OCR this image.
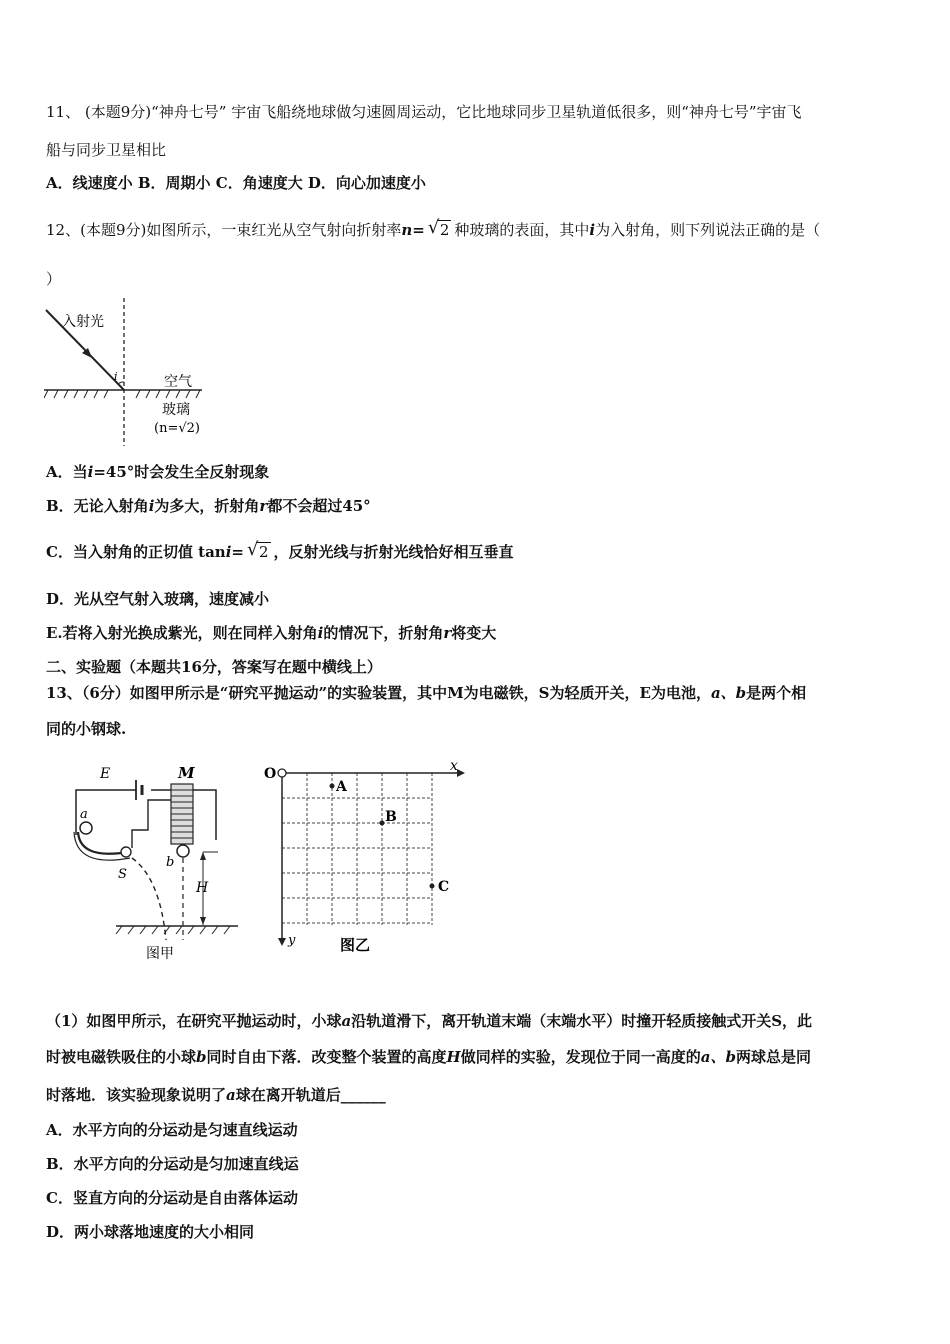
11、 (本题9分)“神舟七号” 宇宙飞船绕地球做匀速圆周运动，它比地球同步卫星轨道低很多，则“神舟七号”宇宙飞
船与同步卫星相比
A．线速度小 B．周期小 C．角速度大 D．向心加速度小
12、(本题9分)如图所示，一束红光从空气射向折射率n= √ 2 种玻璃的表面，其中i为入射角，则下列说法正确的是（
）
入射光
i	空气
玻璃
(n=√2)
A．当i=45°时会发生全反射现象
B．无论入射角i为多大，折射角r都不会超过45°
C．当入射角的正切值 tani= √ 2 ，反射光线与折射光线恰好相互垂直
D．光从空气射入玻璃，速度减小
E.若将入射光换成紫光，则在同样入射角i的情况下，折射角r将变大
二、实验题（本题共16分，答案写在题中横线上）
13、（6分）如图甲所示是“研究平抛运动”的实验装置，其中M为电磁铁，S为轻质开关，E为电池，a、b是两个相
同的小钢球.
E	M
a
S
b
H
图甲
O	x
y
A
B
C
图乙
（1）如图甲所示，在研究平抛运动时，小球a沿轨道滑下，离开轨道末端（末端水平）时撞开轻质接触式开关S，此
时被电磁铁吸住的小球b同时自由下落．改变整个装置的高度H做同样的实验，发现位于同一高度的a、b两球总是同
时落地．该实验现象说明了a球在离开轨道后______
A．水平方向的分运动是匀速直线运动
B．水平方向的分运动是匀加速直线运
C．竖直方向的分运动是自由落体运动
D．两小球落地速度的大小相同
